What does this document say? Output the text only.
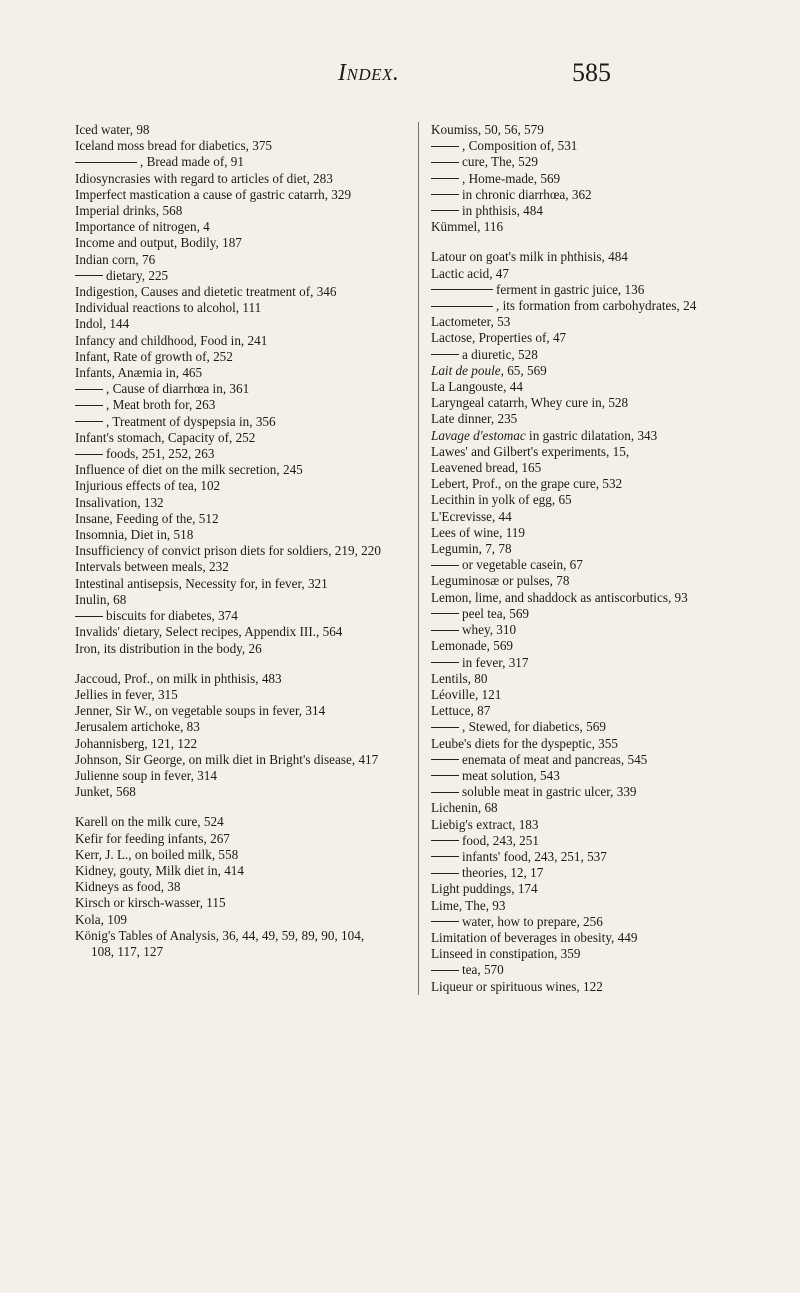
Index.	585

Iced water, 98

Iceland moss bread for diabetics, 375

, Bread made of, 91

Idiosyncrasies with regard to articles of diet, 283

Imperfect mastication a cause of gastric catarrh, 329

Imperial drinks, 568

Importance of nitrogen, 4

Income and output, Bodily, 187

Indian corn, 76

dietary, 225

Indigestion, Causes and dietetic treatment of, 346

Individual reactions to alcohol, 111

Indol, 144

Infancy and childhood, Food in, 241

Infant, Rate of growth of, 252

Infants, Anæmia in, 465

, Cause of diarrhœa in, 361

, Meat broth for, 263

, Treatment of dyspepsia in, 356

Infant's stomach, Capacity of, 252

foods, 251, 252, 263

Influence of diet on the milk secretion, 245

Injurious effects of tea, 102

Insalivation, 132

Insane, Feeding of the, 512

Insomnia, Diet in, 518

Insufficiency of convict prison diets for soldiers, 219, 220

Intervals between meals, 232

Intestinal antisepsis, Necessity for, in fever, 321

Inulin, 68

biscuits for diabetes, 374

Invalids' dietary, Select recipes, Appendix III., 564

Iron, its distribution in the body, 26

Jaccoud, Prof., on milk in phthisis, 483

Jellies in fever, 315

Jenner, Sir W., on vegetable soups in fever, 314

Jerusalem artichoke, 83

Johannisberg, 121, 122

Johnson, Sir George, on milk diet in Bright's disease, 417

Julienne soup in fever, 314

Junket, 568

Karell on the milk cure, 524

Kefir for feeding infants, 267

Kerr, J. L., on boiled milk, 558

Kidney, gouty, Milk diet in, 414

Kidneys as food, 38

Kirsch or kirsch-wasser, 115

Kola, 109

König's Tables of Analysis, 36, 44, 49, 59, 89, 90, 104, 108, 117, 127

Koumiss, 50, 56, 579

, Composition of, 531

cure, The, 529

, Home-made, 569

in chronic diarrhœa, 362

in phthisis, 484

Kümmel, 116

Latour on goat's milk in phthisis, 484

Lactic acid, 47

ferment in gastric juice, 136

, its formation from carbohydrates, 24

Lactometer, 53

Lactose, Properties of, 47

a diuretic, 528

Lait de poule, 65, 569

La Langouste, 44

Laryngeal catarrh, Whey cure in, 528

Late dinner, 235

Lavage d'estomac in gastric dilatation, 343

Lawes' and Gilbert's experiments, 15,

Leavened bread, 165

Lebert, Prof., on the grape cure, 532

Lecithin in yolk of egg, 65

L'Ecrevisse, 44

Lees of wine, 119

Legumin, 7, 78

or vegetable casein, 67

Leguminosæ or pulses, 78

Lemon, lime, and shaddock as antiscorbutics, 93

peel tea, 569

whey, 310

Lemonade, 569

in fever, 317

Lentils, 80

Léoville, 121

Lettuce, 87

, Stewed, for diabetics, 569

Leube's diets for the dyspeptic, 355

enemata of meat and pancreas, 545

meat solution, 543

soluble meat in gastric ulcer, 339

Lichenin, 68

Liebig's extract, 183

food, 243, 251

infants' food, 243, 251, 537

theories, 12, 17

Light puddings, 174

Lime, The, 93

water, how to prepare, 256

Limitation of beverages in obesity, 449

Linseed in constipation, 359

tea, 570

Liqueur or spirituous wines, 122
